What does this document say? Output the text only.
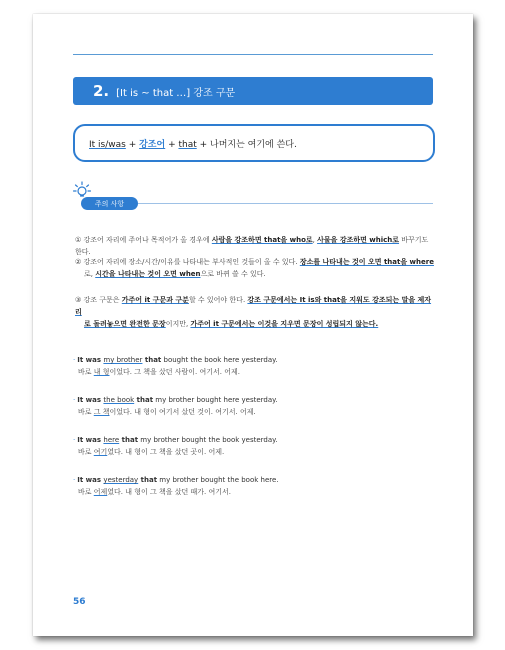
2. [It is ~ that …] 강조 구문
It is/was + 강조어 + that + 나머지는 여기에 쓴다.
주의 사항
① 강조어 자리에 주어나 목적어가 올 경우에 사람을 강조하면 that을 who로, 사물을 강조하면 which로 바꾸기도 한다.
② 강조어 자리에 장소/시간/이유를 나타내는 부사적인 것들이 올 수 있다. 장소를 나타내는 것이 오면 that을 where
로, 시간을 나타내는 것이 오면 when으로 바뀌 쓸 수 있다.
③ 강조 구문은 가주어 it 구문과 구분할 수 있어야 한다. 강조 구문에서는 It is와 that을 지워도 강조되는 말을 제자리
로 돌려놓으면 완전한 문장이지만, 가주어 it 구문에서는 이것을 지우면 문장이 성립되지 않는다.
· It was my brother that bought the book here yesterday.
바로 내 형이었다. 그 책을 샀던 사람이. 여기서. 어제.
· It was the book that my brother bought here yesterday.
바로 그 책이었다. 내 형이 여기서 샀던 것이. 여기서. 어제.
· It was here that my brother bought the book yesterday.
바로 여기였다. 내 형이 그 책을 샀던 곳이. 어제.
· It was yesterday that my brother bought the book here.
바로 어제였다. 내 형이 그 책을 샀던 때가. 여기서.
56
